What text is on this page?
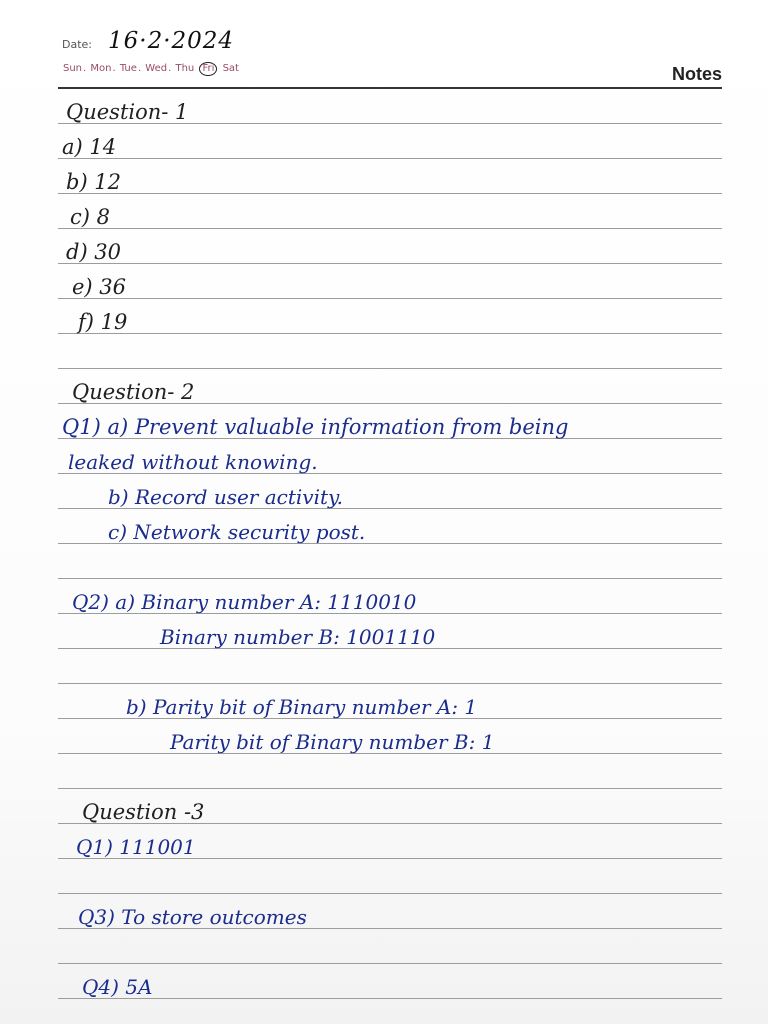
Date: 16·2·2024
Sun. Mon. Tue. Wed. Thu Fri Sat	Notes
Question- 1
a) 14
b) 12
c) 8
d) 30
e) 36
f) 19
Question- 2
Q1) a) Prevent valuable information from being
leaked without knowing.
b) Record user activity.
c) Network security post.
Q2) a) Binary number A: 1110010
Binary number B: 1001110
b) Parity bit of Binary number A: 1
Parity bit of Binary number B: 1
Question -3
Q1) 111001
Q3) To store outcomes
Q4) 5A
